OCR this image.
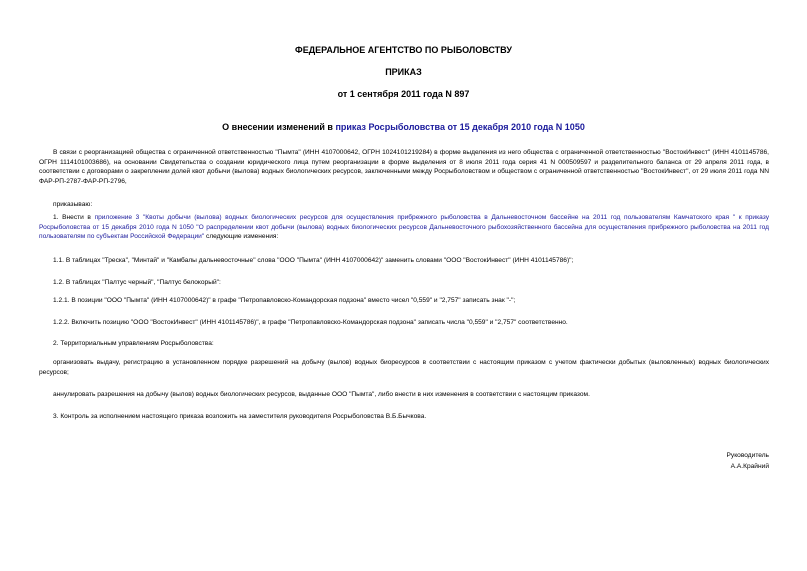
ФЕДЕРАЛЬНОЕ АГЕНТСТВО ПО РЫБОЛОВСТВУ
ПРИКАЗ
от 1 сентября 2011 года N 897
О внесении изменений в приказ Росрыболовства от 15 декабря 2010 года N 1050
В связи с реорганизацией общества с ограниченной ответственностью "Пымта" (ИНН 4107000642, ОГРН 1024101219284) в форме выделения из него общества с ограниченной ответственностью "ВостокИнвест" (ИНН 4101145786, ОГРН 1114101003686), на основании Свидетельства о создании юридического лица путем реорганизации в форме выделения от 8 июля 2011 года серия 41 N 000509597 и разделительного баланса от 29 апреля 2011 года, в соответствии с договорами о закреплении долей квот добычи (вылова) водных биологических ресурсов, заключенными между Росрыболовством и обществом с ограниченной ответственностью "ВостокИнвест", от 29 июля 2011 года NN ФАР-РП-2787-ФАР-РП-2796,
приказываю:
1. Внести в приложение 3 "Квоты добычи (вылова) водных биологических ресурсов для осуществления прибрежного рыболовства в Дальневосточном бассейне на 2011 год пользователям Камчатского края " к приказу Росрыболовства от 15 декабря 2010 года N 1050 "О распределении квот добычи (вылова) водных биологических ресурсов Дальневосточного рыбохозяйственного бассейна для осуществления прибрежного рыболовства на 2011 год пользователям по субъектам Российской Федерации" следующие изменения:
1.1. В таблицах "Треска", "Минтай" и "Камбалы дальневосточные" слова "ООО "Пымта" (ИНН 4107000642)" заменить словами "ООО "ВостокИнвест" (ИНН 4101145786)";
1.2. В таблицах "Палтус черный", "Палтус белокорый":
1.2.1. В позиции "ООО "Пымта" (ИНН 4107000642)" в графе "Петропавловско-Командорская подзона" вместо чисел "0,559" и "2,757" записать знак "-";
1.2.2. Включить позицию "ООО "ВостокИнвест" (ИНН 4101145786)", в графе "Петропавловско-Командорская подзона" записать числа "0,559" и "2,757" соответственно.
2. Территориальным управлениям Росрыболовства:
организовать выдачу, регистрацию в установленном порядке разрешений на добычу (вылов) водных биоресурсов в соответствии с настоящим приказом с учетом фактически добытых (выловленных) водных биологических ресурсов;
аннулировать разрешения на добычу (вылов) водных биологических ресурсов, выданные ООО "Пымта", либо внести в них изменения в соответствии с настоящим приказом.
3. Контроль за исполнением настоящего приказа возложить на заместителя руководителя Росрыболовства В.Б.Бычкова.
Руководитель
А.А.Крайний
